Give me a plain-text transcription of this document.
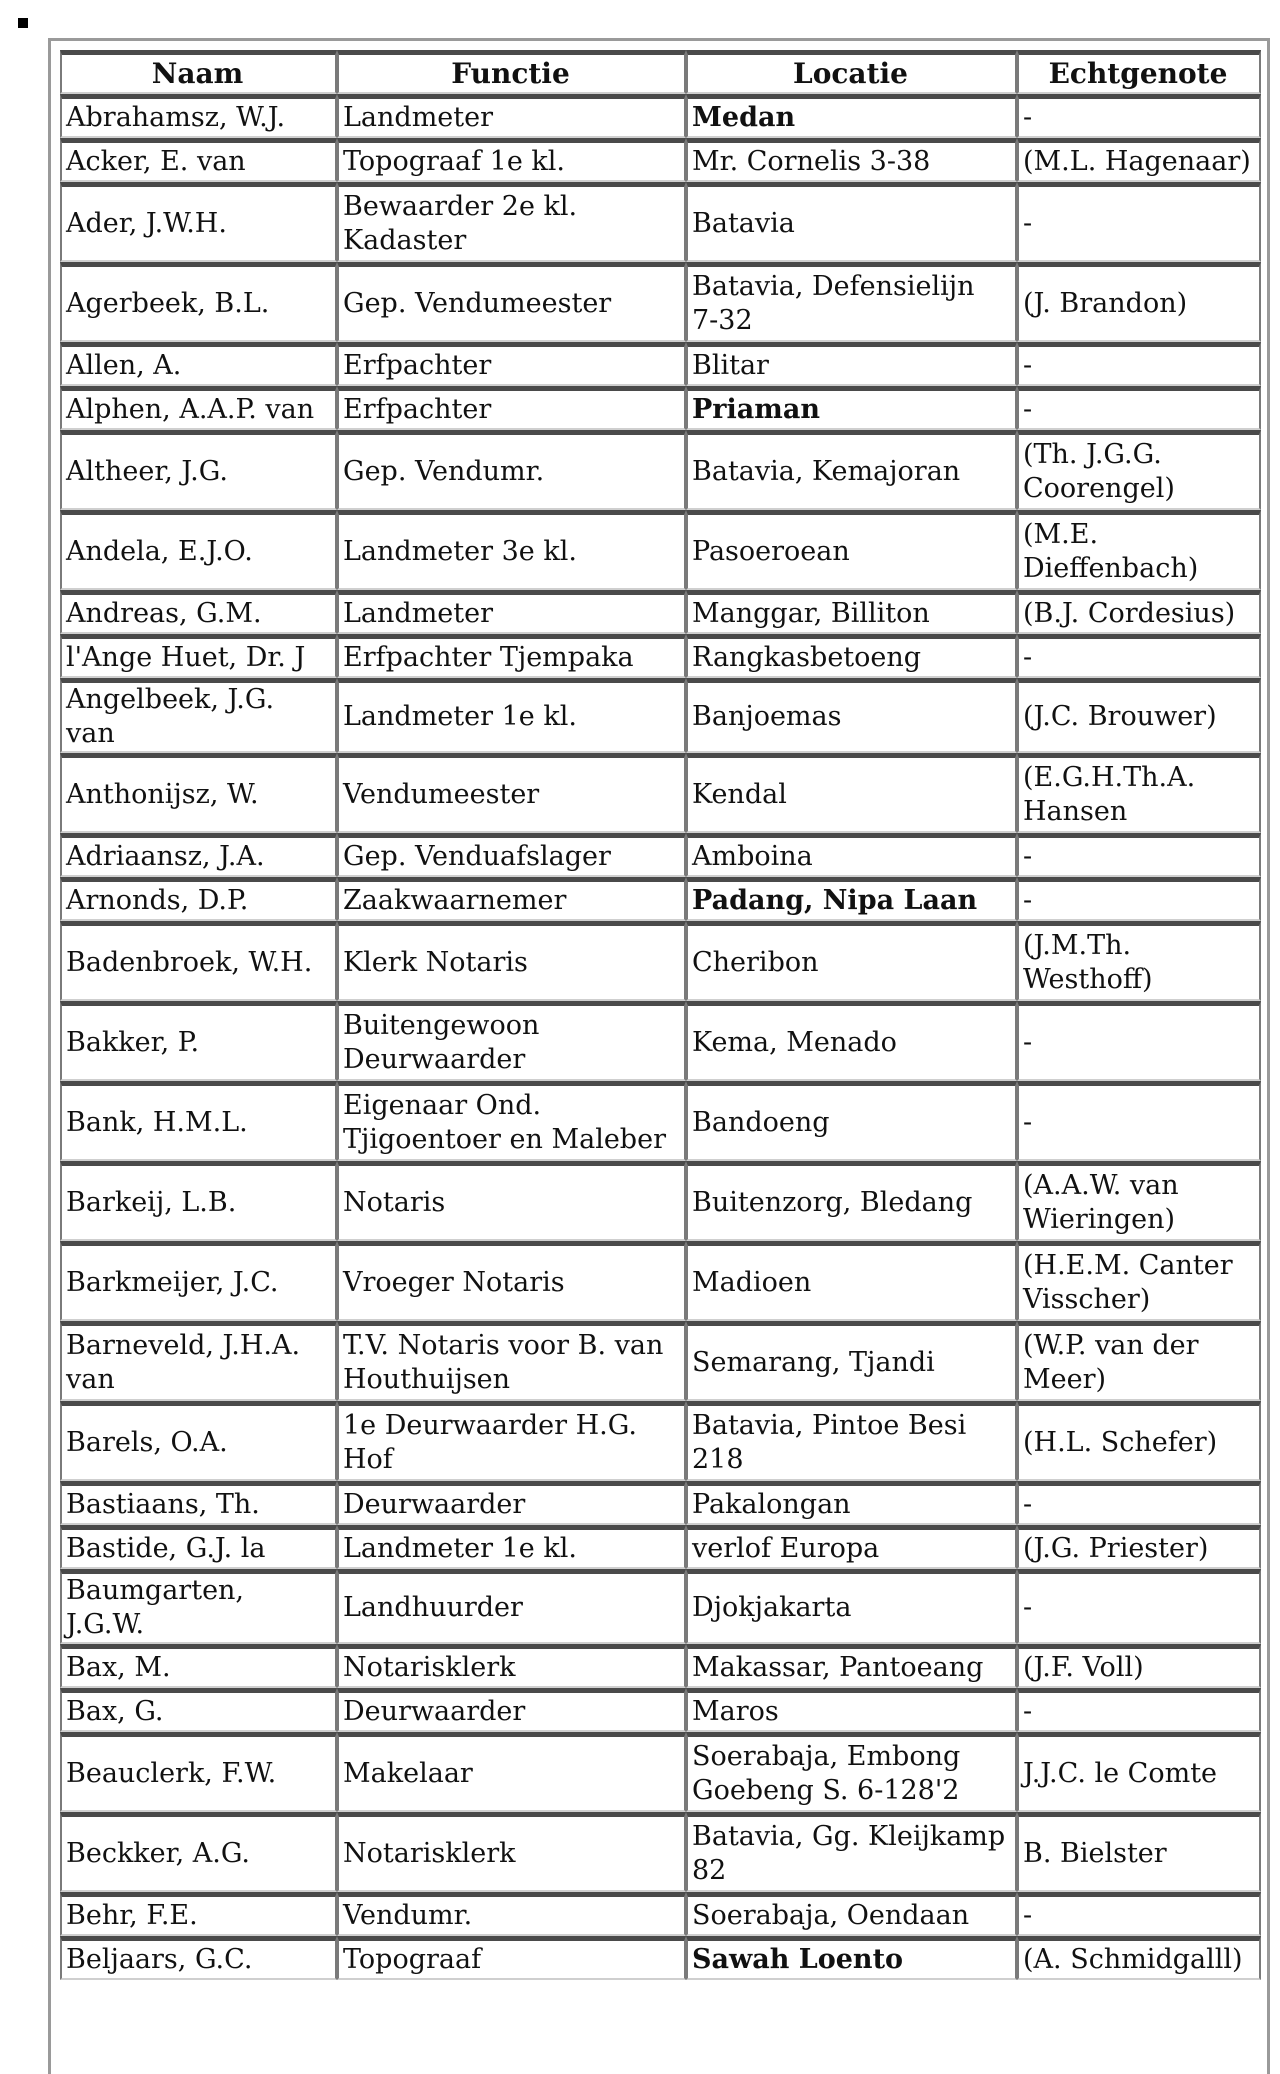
Naam	Functie	Locatie	Echtgenote
Abrahamsz, W.J.	Landmeter	Medan	-
Acker, E. van	Topograaf 1e kl.	Mr. Cornelis 3-38	(M.L. Hagenaar)
Ader, J.W.H.	Bewaarder 2e kl. Kadaster	Batavia	-
Agerbeek, B.L.	Gep. Vendumeester	Batavia, Defensielijn 7-32	(J. Brandon)
Allen, A.	Erfpachter	Blitar	-
Alphen, A.A.P. van	Erfpachter	Priaman	-
Altheer, J.G.	Gep. Vendumr.	Batavia, Kemajoran	(Th. J.G.G. Coorengel)
Andela, E.J.O.	Landmeter 3e kl.	Pasoeroean	(M.E. Dieffenbach)
Andreas, G.M.	Landmeter	Manggar, Billiton	(B.J. Cordesius)
l'Ange Huet, Dr. J	Erfpachter Tjempaka	Rangkasbetoeng	-
Angelbeek, J.G. van	Landmeter 1e kl.	Banjoemas	(J.C. Brouwer)
Anthonijsz, W.	Vendumeester	Kendal	(E.G.H.Th.A. Hansen
Adriaansz, J.A.	Gep. Venduafslager	Amboina	-
Arnonds, D.P.	Zaakwaarnemer	Padang, Nipa Laan	-
Badenbroek, W.H.	Klerk Notaris	Cheribon	(J.M.Th. Westhoff)
Bakker, P.	Buitengewoon Deurwaarder	Kema, Menado	-
Bank, H.M.L.	Eigenaar Ond. Tjigoentoer en Maleber	Bandoeng	-
Barkeij, L.B.	Notaris	Buitenzorg, Bledang	(A.A.W. van Wieringen)
Barkmeijer, J.C.	Vroeger Notaris	Madioen	(H.E.M. Canter Visscher)
Barneveld, J.H.A. van	T.V. Notaris voor B. van Houthuijsen	Semarang, Tjandi	(W.P. van der Meer)
Barels, O.A.	1e Deurwaarder H.G. Hof	Batavia, Pintoe Besi 218	(H.L. Schefer)
Bastiaans, Th.	Deurwaarder	Pakalongan	-
Bastide, G.J. la	Landmeter 1e kl.	verlof Europa	(J.G. Priester)
Baumgarten, J.G.W.	Landhuurder	Djokjakarta	-
Bax, M.	Notarisklerk	Makassar, Pantoeang	(J.F. Voll)
Bax, G.	Deurwaarder	Maros	-
Beauclerk, F.W.	Makelaar	Soerabaja, Embong Goebeng S. 6-128'2	J.J.C. le Comte
Beckker, A.G.	Notarisklerk	Batavia, Gg. Kleijkamp 82	B. Bielster
Behr, F.E.	Vendumr.	Soerabaja, Oendaan	-
Beljaars, G.C.	Topograaf	Sawah Loento	(A. Schmidgalll)
